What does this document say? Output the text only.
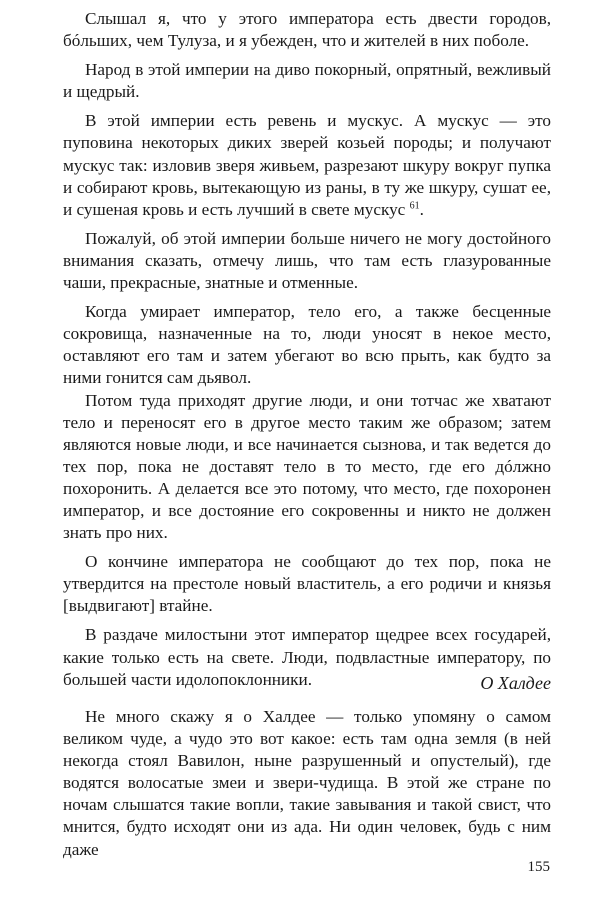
Слышал я, что у этого императора есть двести городов, бóльших, чем Тулуза, и я убежден, что и жителей в них поболе.

Народ в этой империи на диво покорный, опрятный, вежливый и щедрый.

В этой империи есть ревень и мускус. А мускус — это пуповина некоторых диких зверей козьей породы; и получают мускус так: изловив зверя живьем, разрезают шкуру вокруг пупка и собирают кровь, вытекающую из раны, в ту же шкуру, сушат ее, и сушеная кровь и есть лучший в свете мускус $^{61}$.

Пожалуй, об этой империи больше ничего не могу достойного внимания сказать, отмечу лишь, что там есть глазурованные чаши, прекрасные, знатные и отменные.

Когда умирает император, тело его, а также бесценные сокровища, назначенные на то, люди уносят в некое место, оставляют его там и затем убегают во всю прыть, как будто за ними гонится сам дьявол.

Потом туда приходят другие люди, и они тотчас же хватают тело и переносят его в другое место таким же образом; затем являются новые люди, и все начинается сызнова, и так ведется до тех пор, пока не доставят тело в то место, где его дóлжно похоронить. А делается все это потому, что место, где похоронен император, и все достояние его сокровенны и никто не должен знать про них.

О кончине императора не сообщают до тех пор, пока не утвердится на престоле новый властитель, а его родичи и князья [выдвигают] втайне.

В раздаче милостыни этот император щедрее всех государей, какие только есть на свете. Люди, подвластные императору, по большей части идолопоклонники.	О Халдее

Не много скажу я о Халдее — только упомяну о самом великом чуде, а чудо это вот какое: есть там одна земля (в ней некогда стоял Вавилон, ныне разрушенный и опустелый), где водятся волосатые змеи и звери-чудища. В этой же стране по ночам слышатся такие вопли, такие завывания и такой свист, что мнится, будто исходят они из ада. Ни один человек, будь с ним даже

155
